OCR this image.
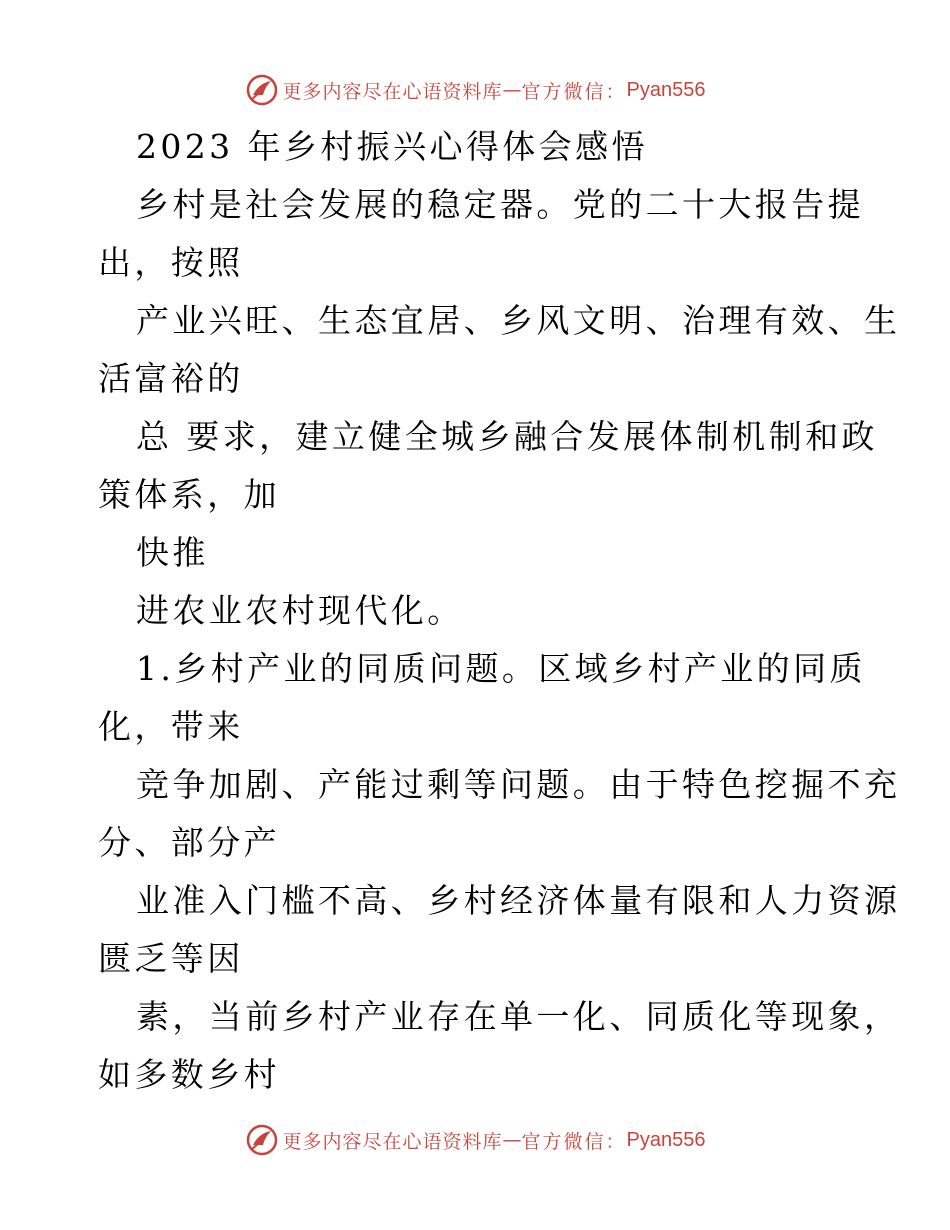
更多内容尽在心语资料库 — 官方微信： Pyan556
2023 年乡村振兴心得体会感悟
乡村是社会发展的稳定器。党的二十大报告提
出，按照
产业兴旺、生态宜居、乡风文明、治理有效、生
活富裕的
总 要求，建立健全城乡融合发展体制机制和政
策体系，加
快推
进农业农村现代化。
1.乡村产业的同质问题。区域乡村产业的同质
化，带来
竞争加剧、产能过剩等问题。由于特色挖掘不充
分、部分产
业准入门槛不高、乡村经济体量有限和人力资源
匮乏等因
素，当前乡村产业存在单一化、同质化等现象，
如多数乡村
更多内容尽在心语资料库 — 官方微信： Pyan556
